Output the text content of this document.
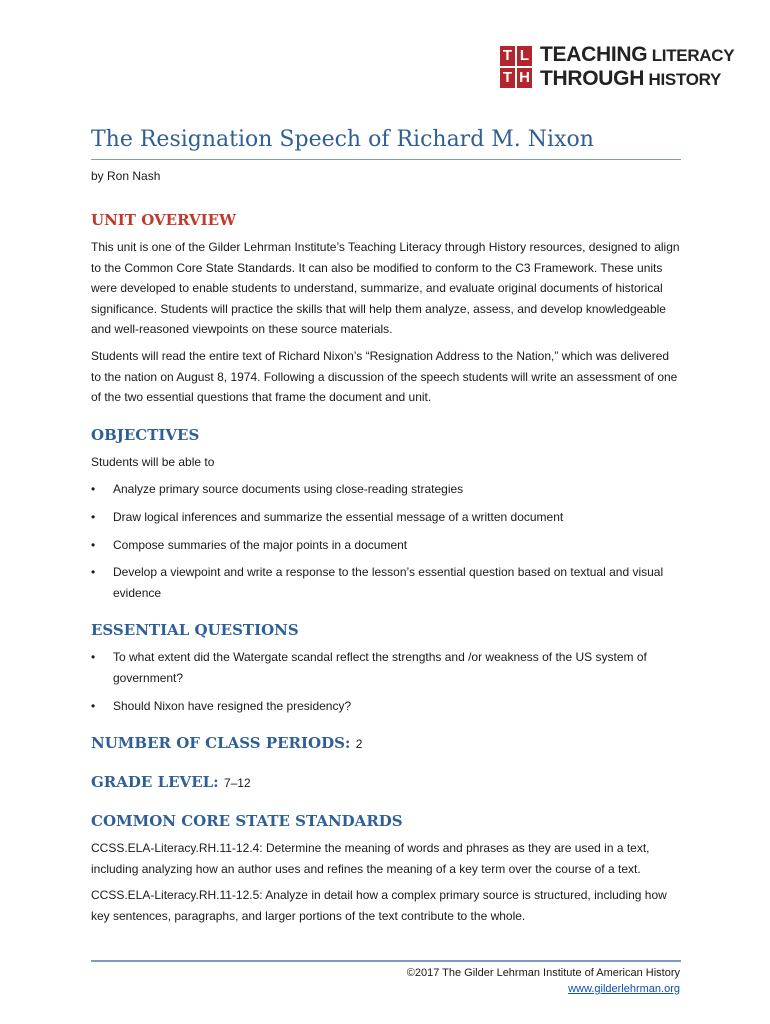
T L
T H
TEACHING LITERACY
THROUGH HISTORY
The Resignation Speech of Richard M. Nixon
by Ron Nash
UNIT OVERVIEW

This unit is one of the Gilder Lehrman Institute’s Teaching Literacy through History resources, designed to align to the Common Core State Standards. It can also be modified to conform to the C3 Framework. These units were developed to enable students to understand, summarize, and evaluate original documents of historical significance. Students will practice the skills that will help them analyze, assess, and develop knowledgeable and well-reasoned viewpoints on these source materials.

Students will read the entire text of Richard Nixon’s “Resignation Address to the Nation,” which was delivered to the nation on August 8, 1974. Following a discussion of the speech students will write an assessment of one of the two essential questions that frame the document and unit.

OBJECTIVES

Students will be able to

• Analyze primary source documents using close-reading strategies
• Draw logical inferences and summarize the essential message of a written document
• Compose summaries of the major points in a document
• Develop a viewpoint and write a response to the lesson’s essential question based on textual and visual evidence
ESSENTIAL QUESTIONS
• To what extent did the Watergate scandal reflect the strengths and /or weakness of the US system of government?
• Should Nixon have resigned the presidency?
NUMBER OF CLASS PERIODS: 2
GRADE LEVEL: 7–12
COMMON CORE STATE STANDARDS

CCSS.ELA-Literacy.RH.11-12.4: Determine the meaning of words and phrases as they are used in a text, including analyzing how an author uses and refines the meaning of a key term over the course of a text.

CCSS.ELA-Literacy.RH.11-12.5: Analyze in detail how a complex primary source is structured, including how key sentences, paragraphs, and larger portions of the text contribute to the whole.

©2017 The Gilder Lehrman Institute of American History
www.gilderlehrman.org
